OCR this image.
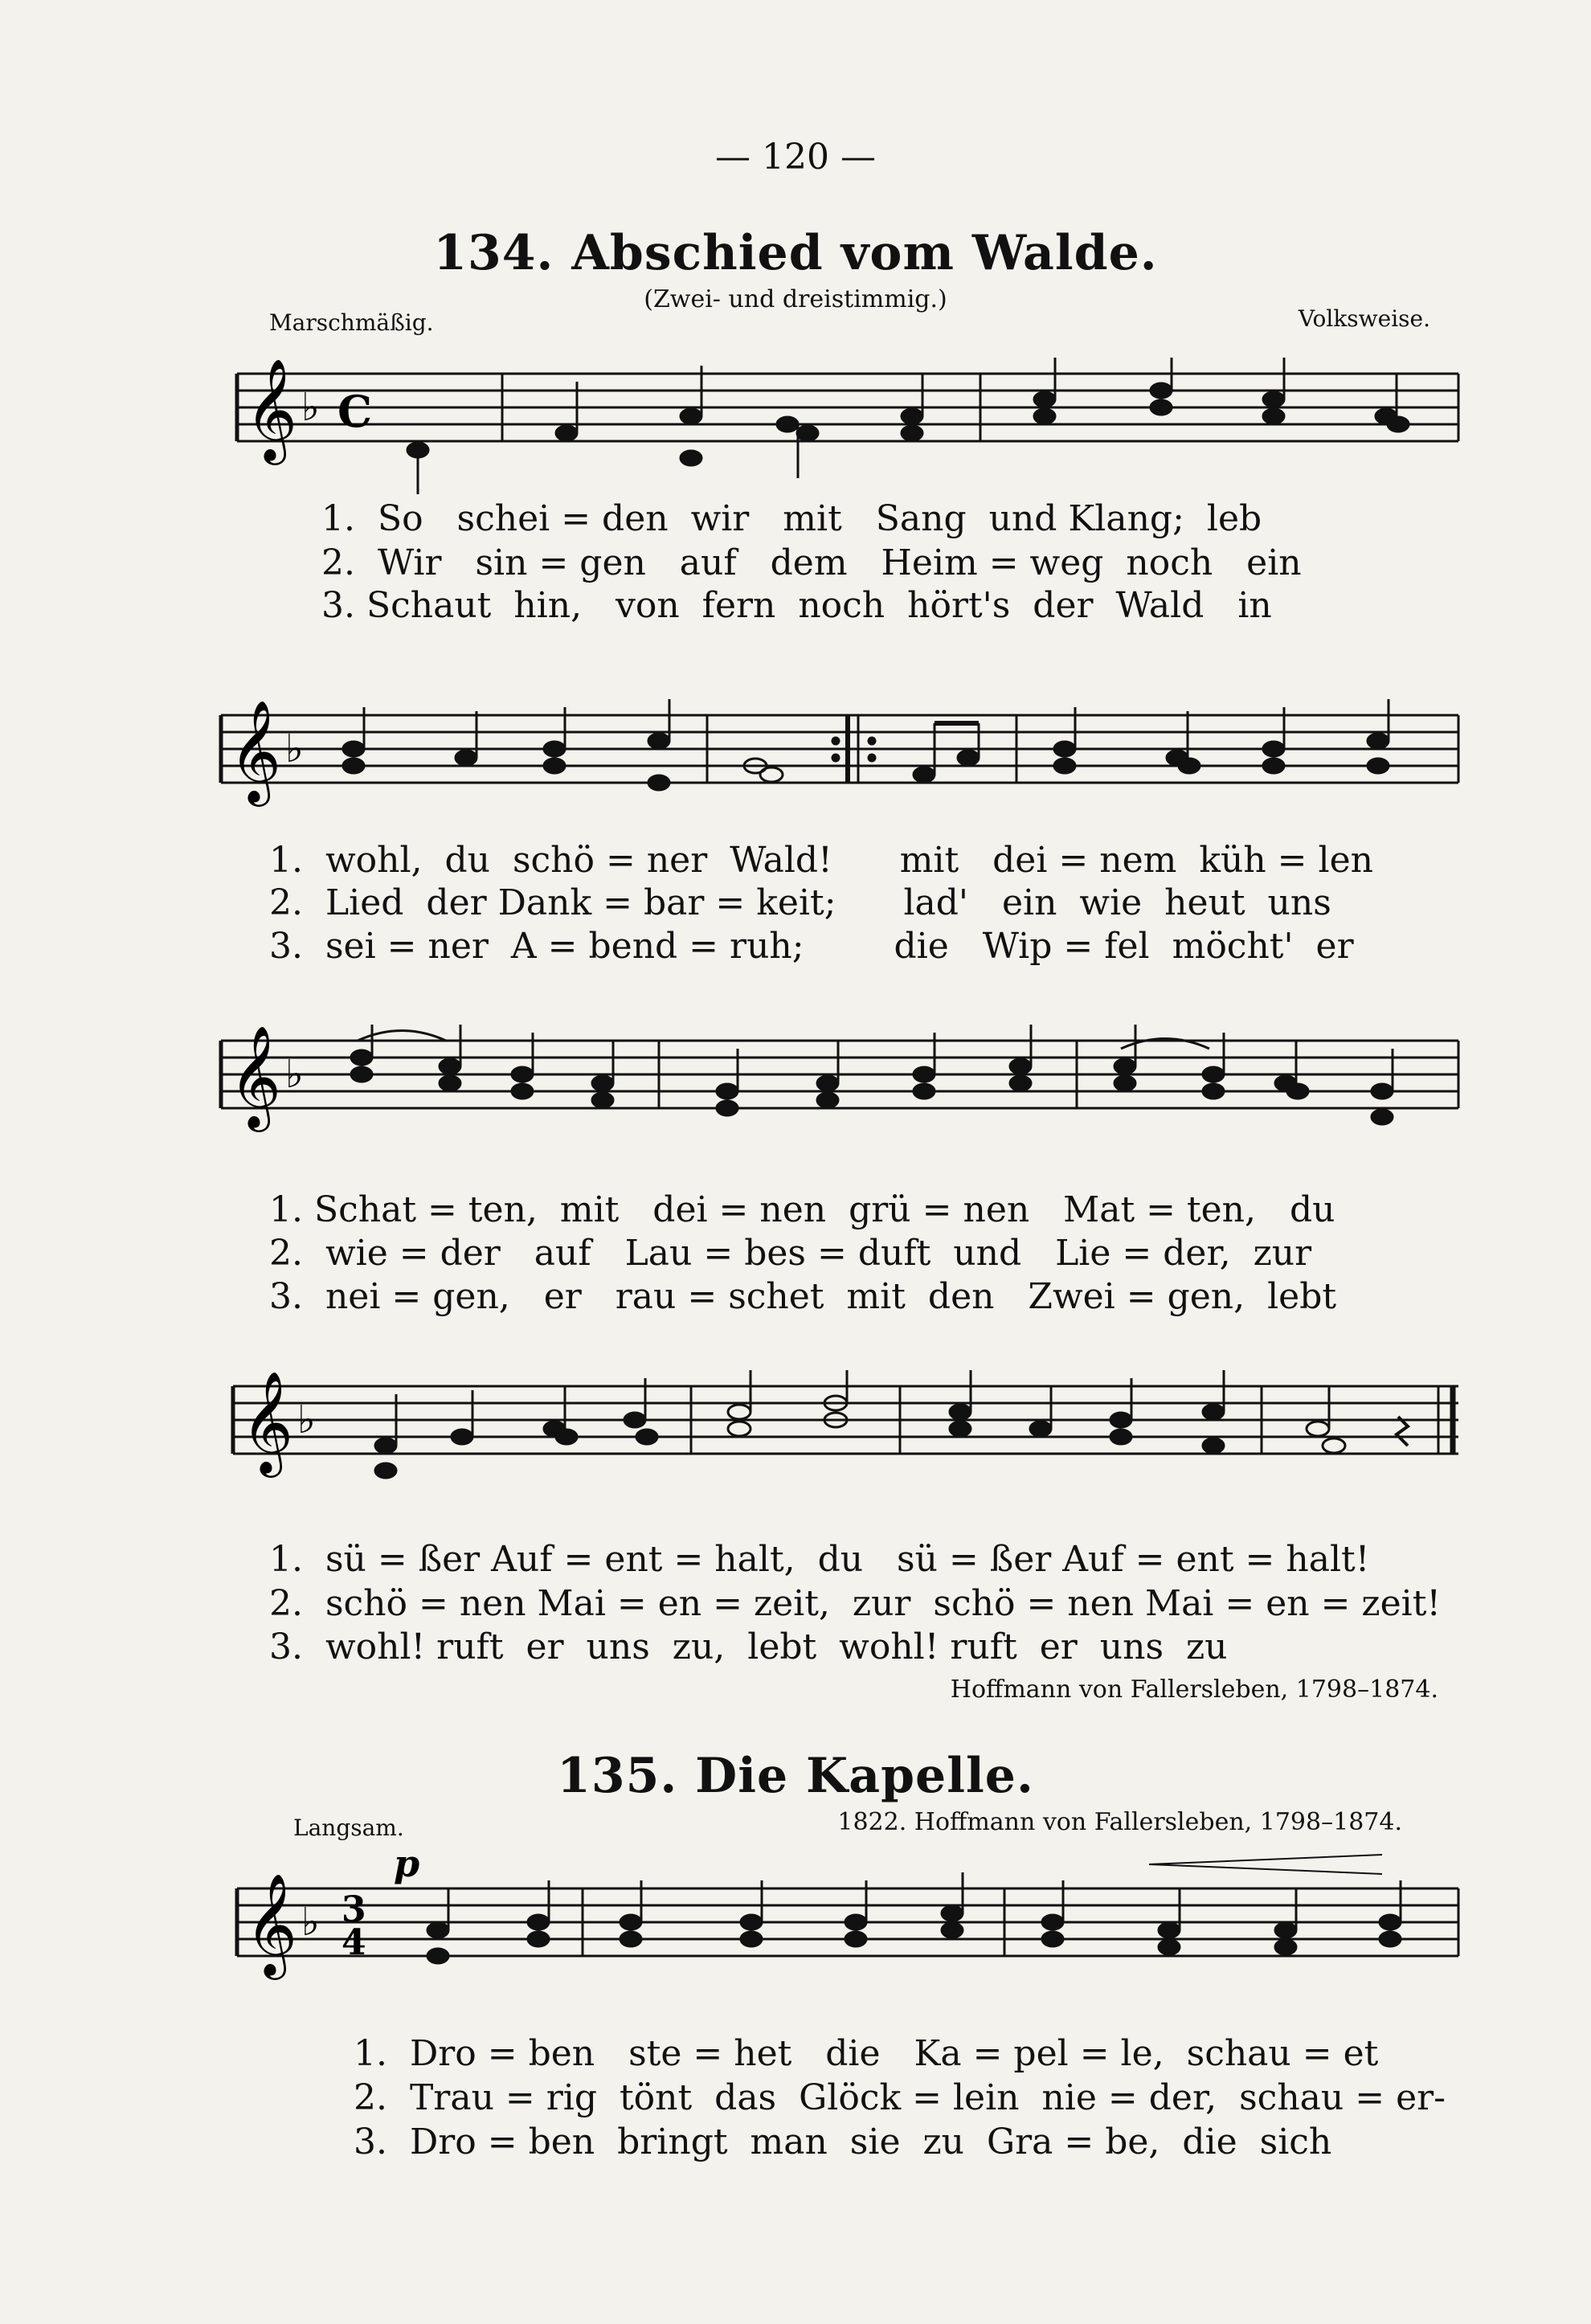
— 120 —
134. Abschied vom Walde.
(Zwei- und dreistimmig.)
Marschmäßig.	Volksweise.
𝄞 ♭ C
1.  So   schei = den  wir   mit   Sang  und Klang;  leb
2.  Wir   sin = gen   auf   dem   Heim = weg  noch   ein
3. Schaut  hin,   von  fern  noch  hört's  der  Wald   in
𝄞 ♭
1.  wohl,  du  schö = ner  Wald!      mit   dei = nem  küh = len
2.  Lied  der Dank = bar = keit;      lad'   ein  wie  heut  uns
3.  sei = ner  A = bend = ruh;        die   Wip = fel  möcht'  er
𝄞 ♭
1. Schat = ten,  mit   dei = nen  grü = nen   Mat = ten,   du
2.  wie = der   auf   Lau = bes = duft  und   Lie = der,  zur
3.  nei = gen,   er   rau = schet  mit  den   Zwei = gen,  lebt
𝄞 ♭
1.  sü = ßer Auf = ent = halt,  du   sü = ßer Auf = ent = halt!
2.  schö = nen Mai = en = zeit,  zur  schö = nen Mai = en = zeit!
3.  wohl! ruft  er  uns  zu,  lebt  wohl! ruft  er  uns  zu
Hoffmann von Fallersleben, 1798–1874.
135. Die Kapelle.
Langsam.	1822. Hoffmann von Fallersleben, 1798–1874.
𝄞 ♭ 3
4
p
1.  Dro = ben   ste = het   die   Ka = pel = le,  schau = et
2.  Trau = rig  tönt  das  Glöck = lein  nie = der,  schau = er-
3.  Dro = ben  bringt  man  sie  zu  Gra = be,  die  sich
